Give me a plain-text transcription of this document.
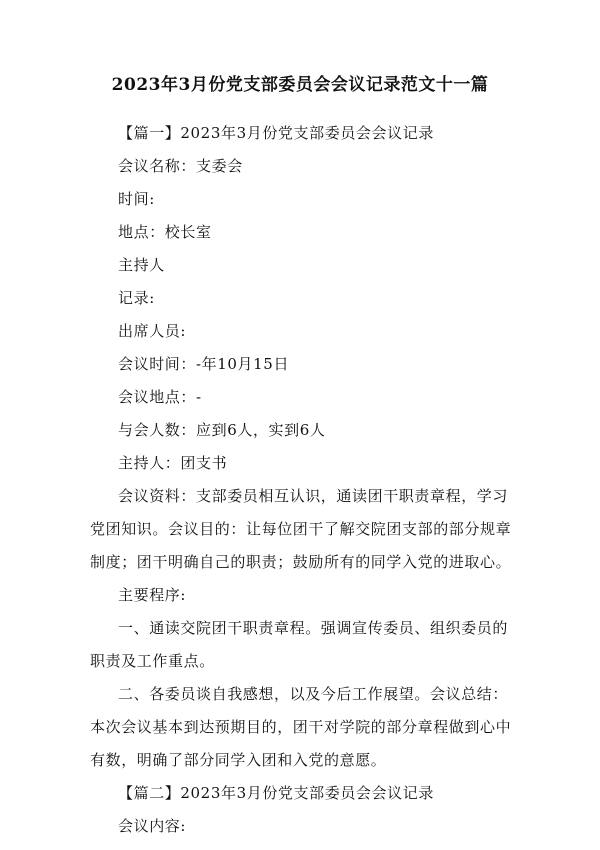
2023年3月份党支部委员会会议记录范文十一篇
【篇一】2023年3月份党支部委员会会议记录
会议名称：支委会
时间:
地点：校长室
主持人
记录:
出席人员:
会议时间：-年10月15日
会议地点：-
与会人数：应到6人，实到6人
主持人：团支书
会议资料：支部委员相互认识，通读团干职责章程，学习
党团知识。会议目的：让每位团干了解交院团支部的部分规章
制度；团干明确自己的职责；鼓励所有的同学入党的进取心。
主要程序:
一、通读交院团干职责章程。强调宣传委员、组织委员的
职责及工作重点。
二、各委员谈自我感想，以及今后工作展望。会议总结：
本次会议基本到达预期目的，团干对学院的部分章程做到心中
有数，明确了部分同学入团和入党的意愿。
【篇二】2023年3月份党支部委员会会议记录
会议内容:
